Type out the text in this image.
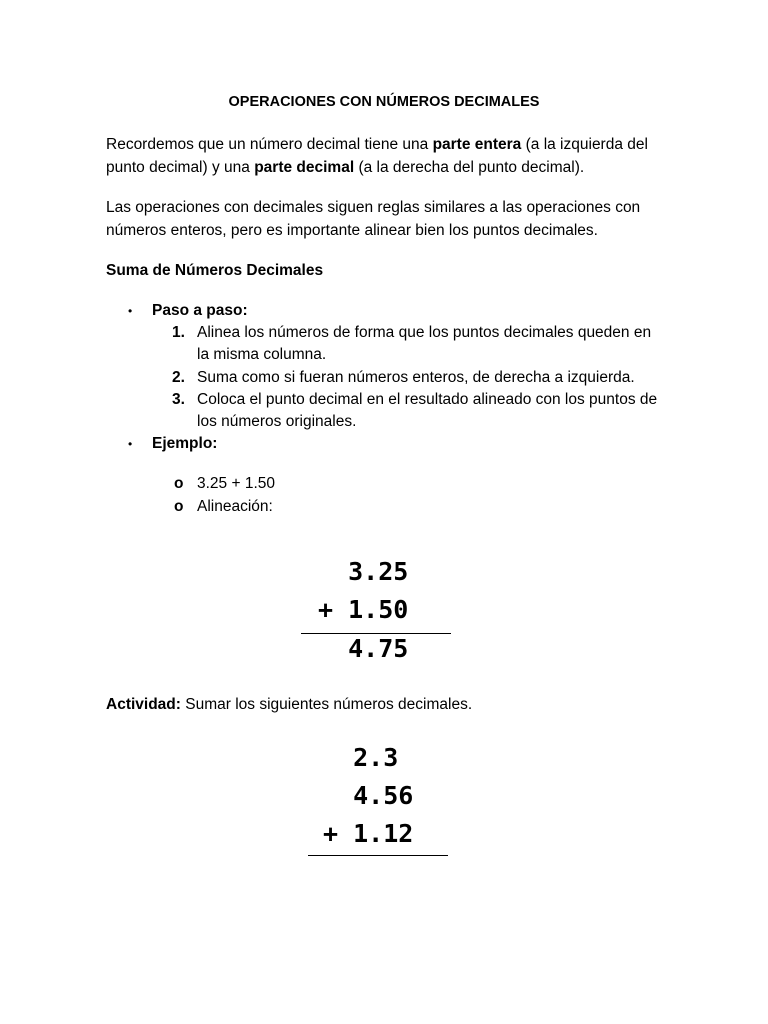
OPERACIONES CON NÚMEROS DECIMALES

Recordemos que un número decimal tiene una parte entera (a la izquierda del punto decimal) y una parte decimal (a la derecha del punto decimal).

Las operaciones con decimales siguen reglas similares a las operaciones con números enteros, pero es importante alinear bien los puntos decimales.

Suma de Números Decimales
• Paso a paso:
1. Alinea los números de forma que los puntos decimales queden en la misma columna.
2. Suma como si fueran números enteros, de derecha a izquierda.
3. Coloca el punto decimal en el resultado alineado con los puntos de los números originales.
• Ejemplo:
o 3.25 + 1.50
o Alineación:
3.25
+ 1.50
4.75
Actividad: Sumar los siguientes números decimales.
2.3
4.56
+ 1.12
